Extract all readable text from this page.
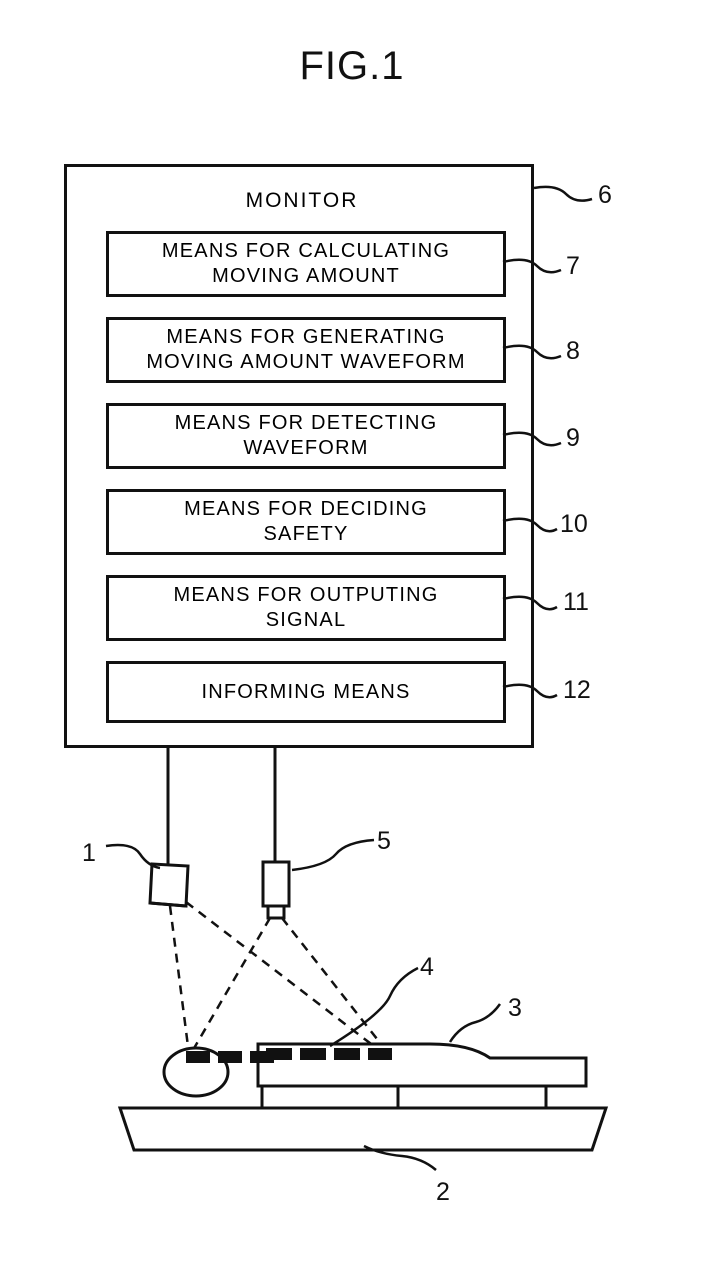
FIG.1
MONITOR
MEANS FOR CALCULATING
MOVING AMOUNT
MEANS FOR GENERATING
MOVING AMOUNT WAVEFORM
MEANS FOR DETECTING
WAVEFORM
MEANS FOR DECIDING
SAFETY
MEANS FOR OUTPUTING
SIGNAL
INFORMING MEANS
6
7
8
9
10
11
12
1	5
4
3
2
